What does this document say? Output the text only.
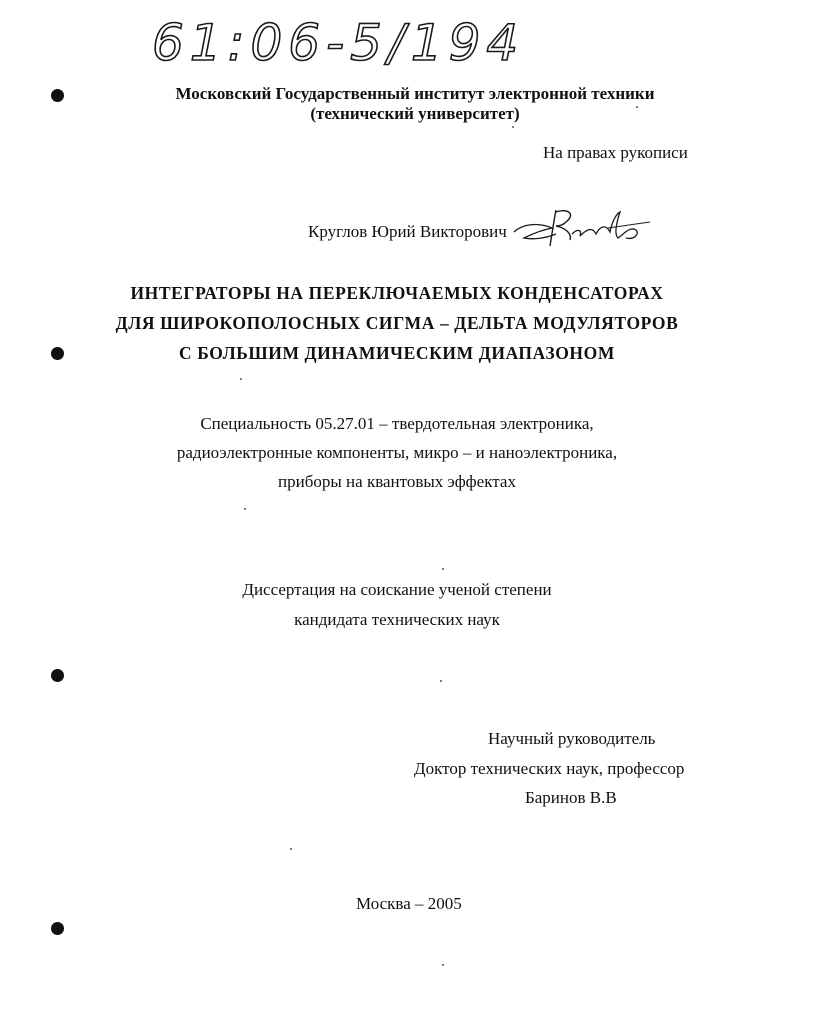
61:06-5/194
Московский Государственный институт электронной техники
(технический университет)
На правах рукописи
Круглов Юрий Викторович
ИНТЕГРАТОРЫ НА ПЕРЕКЛЮЧАЕМЫХ КОНДЕНСАТОРАХ
ДЛЯ ШИРОКОПОЛОСНЫХ СИГМА – ДЕЛЬТА МОДУЛЯТОРОВ
С БОЛЬШИМ ДИНАМИЧЕСКИМ ДИАПАЗОНОМ
Специальность 05.27.01 – твердотельная электроника,
радиоэлектронные компоненты, микро – и наноэлектроника,
приборы на квантовых эффектах
Диссертация на соискание ученой степени
кандидата технических наук
Научный руководитель
Доктор технических наук, профессор
Баринов В.В
Москва – 2005
